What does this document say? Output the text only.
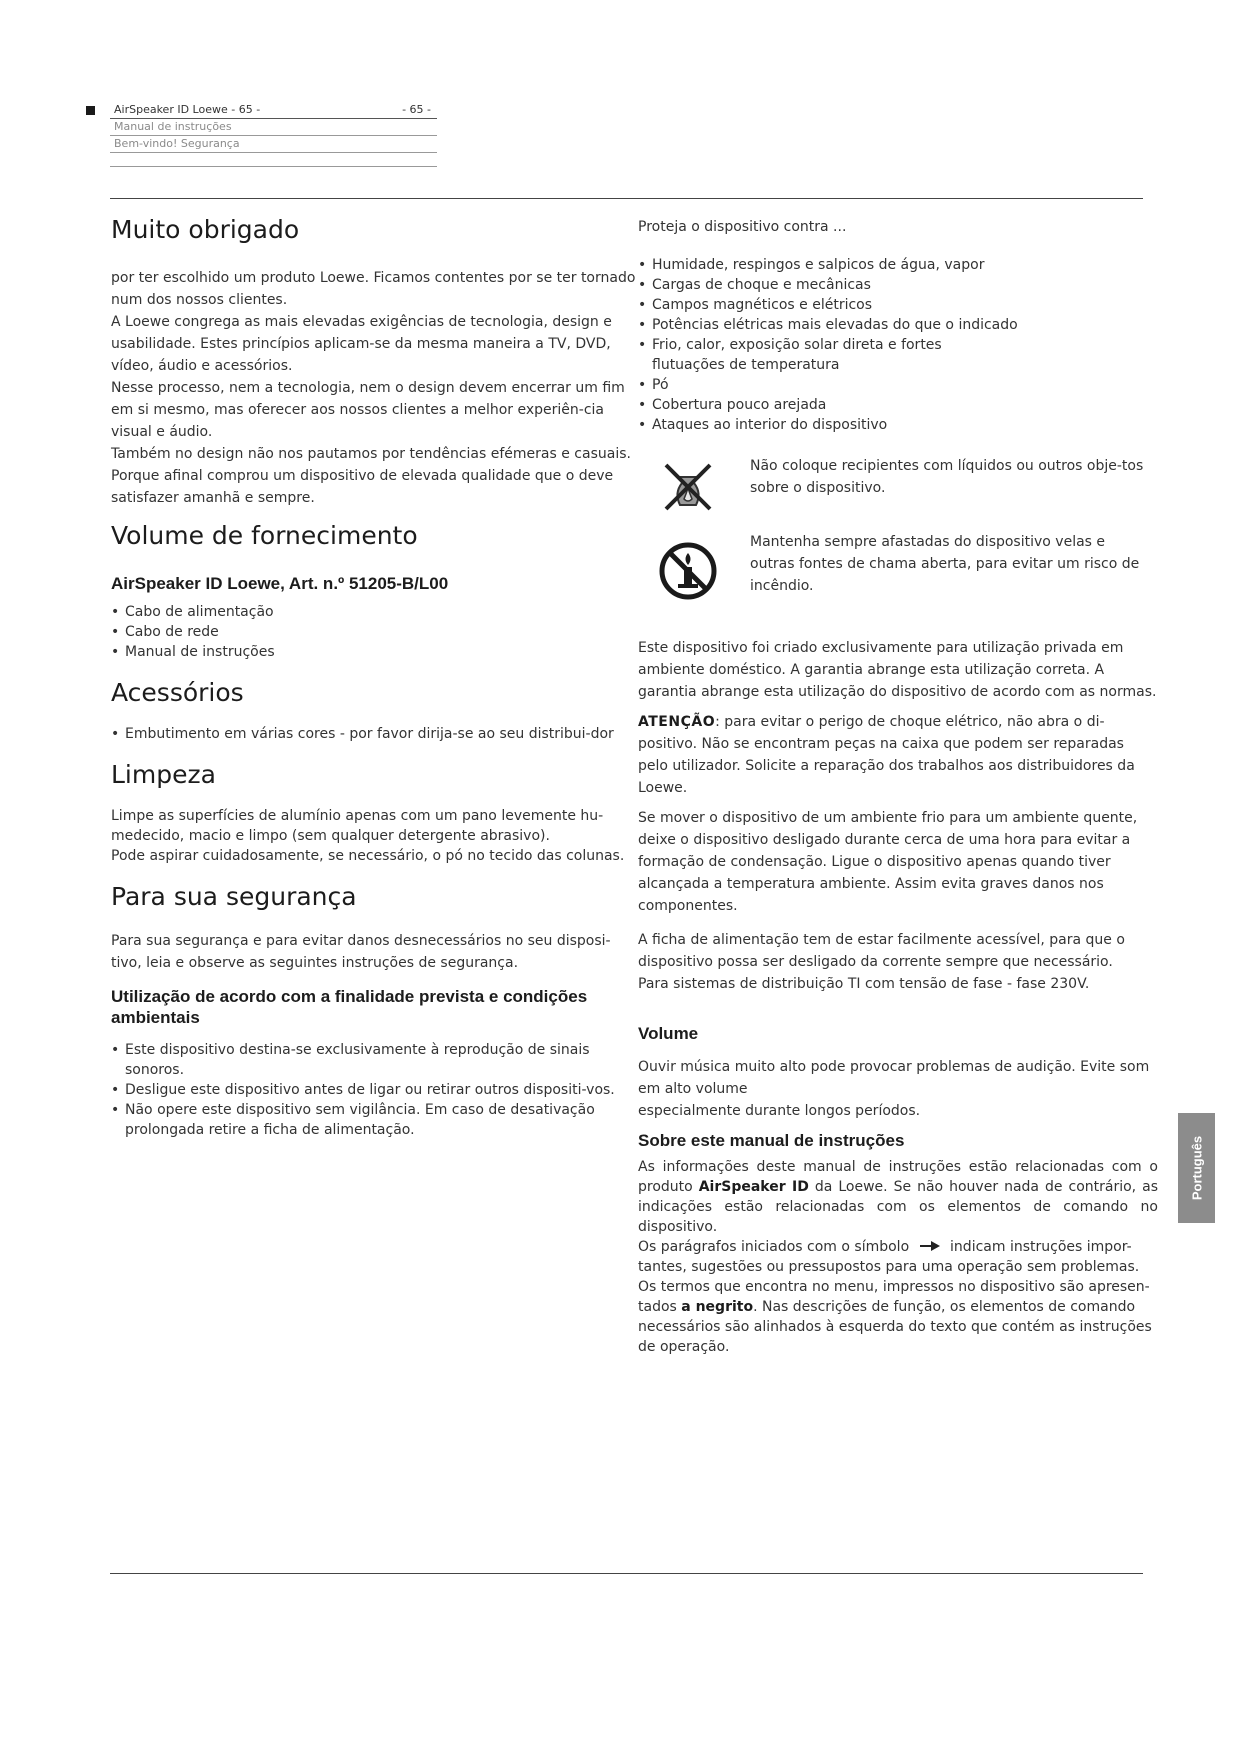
AirSpeaker ID Loewe - 65 -	- 65 -
Manual de instruções
Bem-vindo! Segurança
Muito obrigado

por ter escolhido um produto Loewe. Ficamos contentes por se ter tornado num dos nossos clientes.

A Loewe congrega as mais elevadas exigências de tecnologia, design e usabilidade. Estes princípios aplicam-se da mesma maneira a TV, DVD, vídeo, áudio e acessórios.

Nesse processo, nem a tecnologia, nem o design devem encerrar um fim em si mesmo, mas oferecer aos nossos clientes a melhor experiên-cia visual e áudio.

Também no design não nos pautamos por tendências efémeras e casuais. Porque afinal comprou um dispositivo de elevada qualidade que o deve satisfazer amanhã e sempre.

Volume de fornecimento
AirSpeaker ID Loewe, Art. n.º 51205-B/L00
• Cabo de alimentação
• Cabo de rede
• Manual de instruções
Acessórios
• Embutimento em várias cores - por favor dirija-se ao seu distribui-dor
Limpeza

Limpe as superfícies de alumínio apenas com um pano levemente hu-medecido, macio e limpo (sem qualquer detergente abrasivo).

Pode aspirar cuidadosamente, se necessário, o pó no tecido das colunas.

Para sua segurança

Para sua segurança e para evitar danos desnecessários no seu disposi-tivo, leia e observe as seguintes instruções de segurança.

Utilização de acordo com a finalidade prevista e condições ambientais
• Este dispositivo destina-se exclusivamente à reprodução de sinais sonoros.
• Desligue este dispositivo antes de ligar ou retirar outros dispositi-vos.
• Não opere este dispositivo sem vigilância. Em caso de desativação prolongada retire a ficha de alimentação.

Proteja o dispositivo contra ...

• Humidade, respingos e salpicos de água, vapor
• Cargas de choque e mecânicas
• Campos magnéticos e elétricos
• Potências elétricas mais elevadas do que o indicado
• Frio, calor, exposição solar direta e fortes flutuações de temperatura
• Pó
• Cobertura pouco arejada
• Ataques ao interior do dispositivo

Não coloque recipientes com líquidos ou outros obje-tos sobre o dispositivo.

Mantenha sempre afastadas do dispositivo velas e outras fontes de chama aberta, para evitar um risco de incêndio.

Este dispositivo foi criado exclusivamente para utilização privada em ambiente doméstico. A garantia abrange esta utilização correta. A garantia abrange esta utilização do dispositivo de acordo com as normas.

ATENÇÃO: para evitar o perigo de choque elétrico, não abra o di-positivo. Não se encontram peças na caixa que podem ser reparadas pelo utilizador. Solicite a reparação dos trabalhos aos distribuidores da Loewe.

Se mover o dispositivo de um ambiente frio para um ambiente quente, deixe o dispositivo desligado durante cerca de uma hora para evitar a formação de condensação. Ligue o dispositivo apenas quando tiver alcançada a temperatura ambiente. Assim evita graves danos nos componentes.

A ficha de alimentação tem de estar facilmente acessível, para que o dispositivo possa ser desligado da corrente sempre que necessário.

Para sistemas de distribuição TI com tensão de fase - fase 230V.

Volume

Ouvir música muito alto pode provocar problemas de audição. Evite som em alto volume

especialmente durante longos períodos.

Sobre este manual de instruções

As informações deste manual de instruções estão relacionadas com o produto AirSpeaker ID da Loewe. Se não houver nada de contrário, as indicações estão relacionadas com os elementos de comando no dispositivo.

Os parágrafos iniciados com o símbolo  indicam instruções impor-tantes, sugestões ou pressupostos para uma operação sem problemas.

Os termos que encontra no menu, impressos no dispositivo são apresen-tados a negrito. Nas descrições de função, os elementos de comando necessários são alinhados à esquerda do texto que contém as instruções de operação.

Português
